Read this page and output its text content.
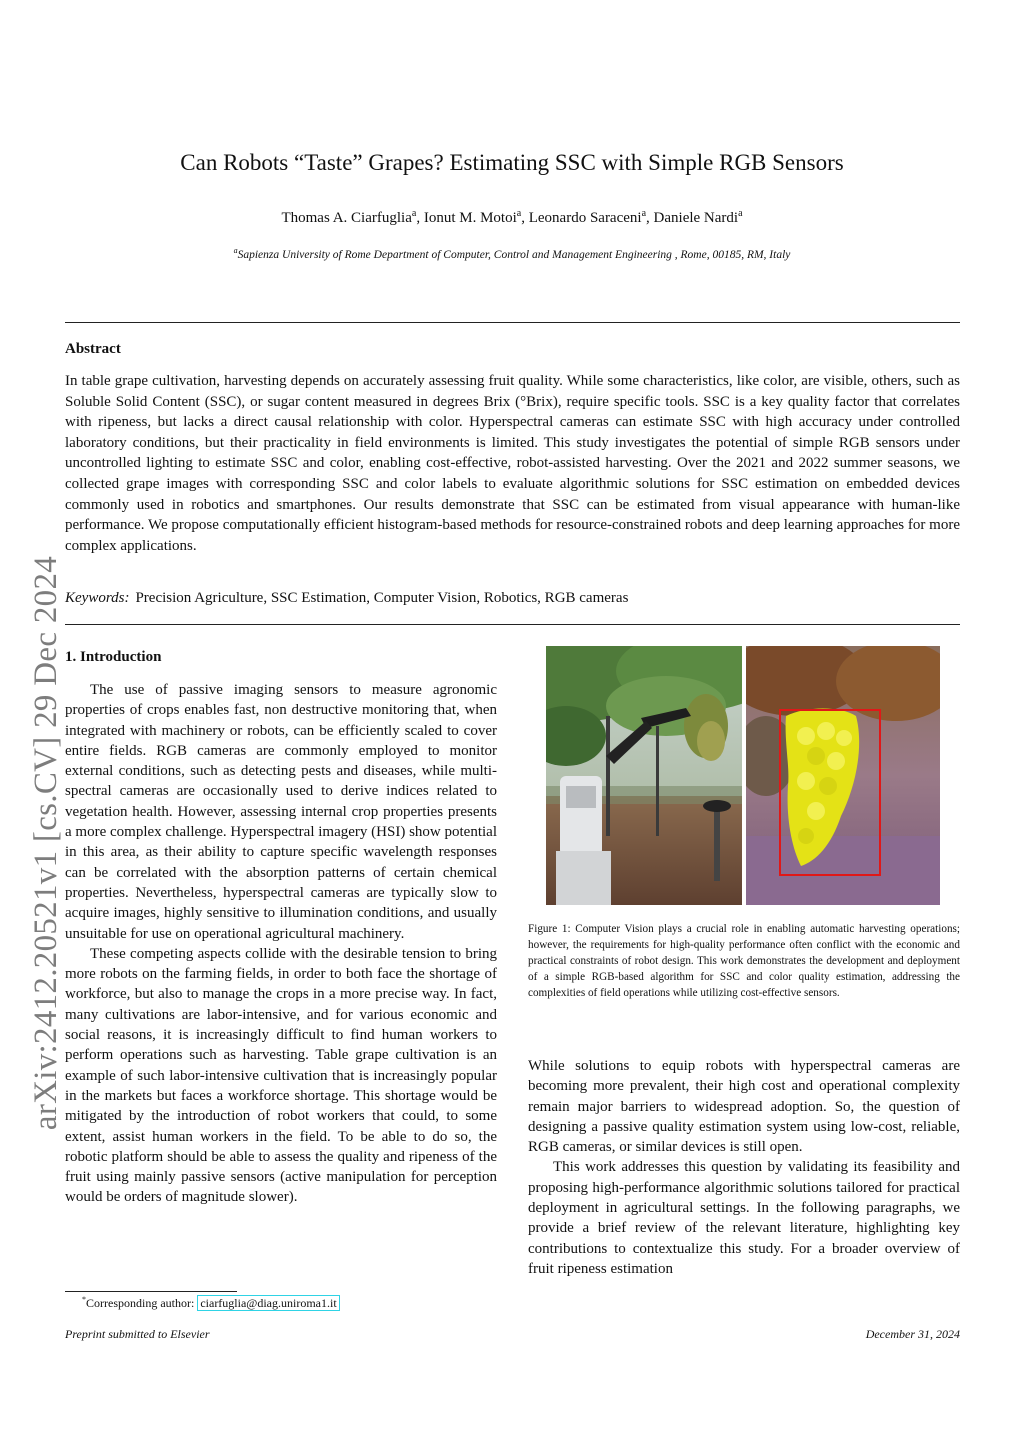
arXiv:2412.20521v1 [cs.CV] 29 Dec 2024
Can Robots “Taste” Grapes? Estimating SSC with Simple RGB Sensors
Thomas A. Ciarfuglia$^a$, Ionut M. Motoi$^a$, Leonardo Saraceni$^a$, Daniele Nardi$^a$
$^a$Sapienza University of Rome Department of Computer, Control and Management Engineering , Rome, 00185, RM, Italy
Abstract
In table grape cultivation, harvesting depends on accurately assessing fruit quality. While some characteristics, like color, are visible, others, such as Soluble Solid Content (SSC), or sugar content measured in degrees Brix (°Brix), require specific tools. SSC is a key quality factor that correlates with ripeness, but lacks a direct causal relationship with color. Hyperspectral cameras can estimate SSC with high accuracy under controlled laboratory conditions, but their practicality in field environments is limited. This study investigates the potential of simple RGB sensors under uncontrolled lighting to estimate SSC and color, enabling cost-effective, robot-assisted harvesting. Over the 2021 and 2022 summer seasons, we collected grape images with corresponding SSC and color labels to evaluate algorithmic solutions for SSC estimation on embedded devices commonly used in robotics and smartphones. Our results demonstrate that SSC can be estimated from visual appearance with human-like performance. We propose computationally efficient histogram-based methods for resource-constrained robots and deep learning approaches for more complex applications.
Keywords: Precision Agriculture, SSC Estimation, Computer Vision, Robotics, RGB cameras
1. Introduction

The use of passive imaging sensors to measure agronomic properties of crops enables fast, non destructive monitoring that, when integrated with machinery or robots, can be efficiently scaled to cover entire fields. RGB cameras are commonly employed to monitor external conditions, such as detecting pests and diseases, while multi-spectral cameras are occasionally used to derive indices related to vegetation health. However, assessing internal crop properties presents a more complex challenge. Hyperspectral imagery (HSI) show potential in this area, as their ability to capture specific wavelength responses can be correlated with the absorption patterns of certain chemical properties. Nevertheless, hyperspectral cameras are typically slow to acquire images, highly sensitive to illumination conditions, and usually unsuitable for use on operational agricultural machinery.

These competing aspects collide with the desirable tension to bring more robots on the farming fields, in order to both face the shortage of workforce, but also to manage the crops in a more precise way. In fact, many cultivations are labor-intensive, and for various economic and social reasons, it is increasingly difficult to find human workers to perform operations such as harvesting. Table grape cultivation is an example of such labor-intensive cultivation that is increasingly popular in the markets but faces a workforce shortage. This shortage would be mitigated by the introduction of robot workers that could, to some extent, assist human workers in the field. To be able to do so, the robotic platform should be able to assess the quality and ripeness of the fruit using mainly passive sensors (active manipulation for perception would be orders of magnitude slower).

Figure 1: Computer Vision plays a crucial role in enabling automatic harvesting operations; however, the requirements for high-quality performance often conflict with the economic and practical constraints of robot design. This work demonstrates the development and deployment of a simple RGB-based algorithm for SSC and color quality estimation, addressing the complexities of field operations while utilizing cost-effective sensors.

While solutions to equip robots with hyperspectral cameras are becoming more prevalent, their high cost and operational complexity remain major barriers to widespread adoption. So, the question of designing a passive quality estimation system using low-cost, reliable, RGB cameras, or similar devices is still open.

This work addresses this question by validating its feasibility and proposing high-performance algorithmic solutions tailored for practical deployment in agricultural settings. In the following paragraphs, we provide a brief review of the relevant literature, highlighting key contributions to contextualize this study. For a broader overview of fruit ripeness estimation

*Corresponding author: ciarfuglia@diag.uniroma1.it
Preprint submitted to Elsevier	December 31, 2024
